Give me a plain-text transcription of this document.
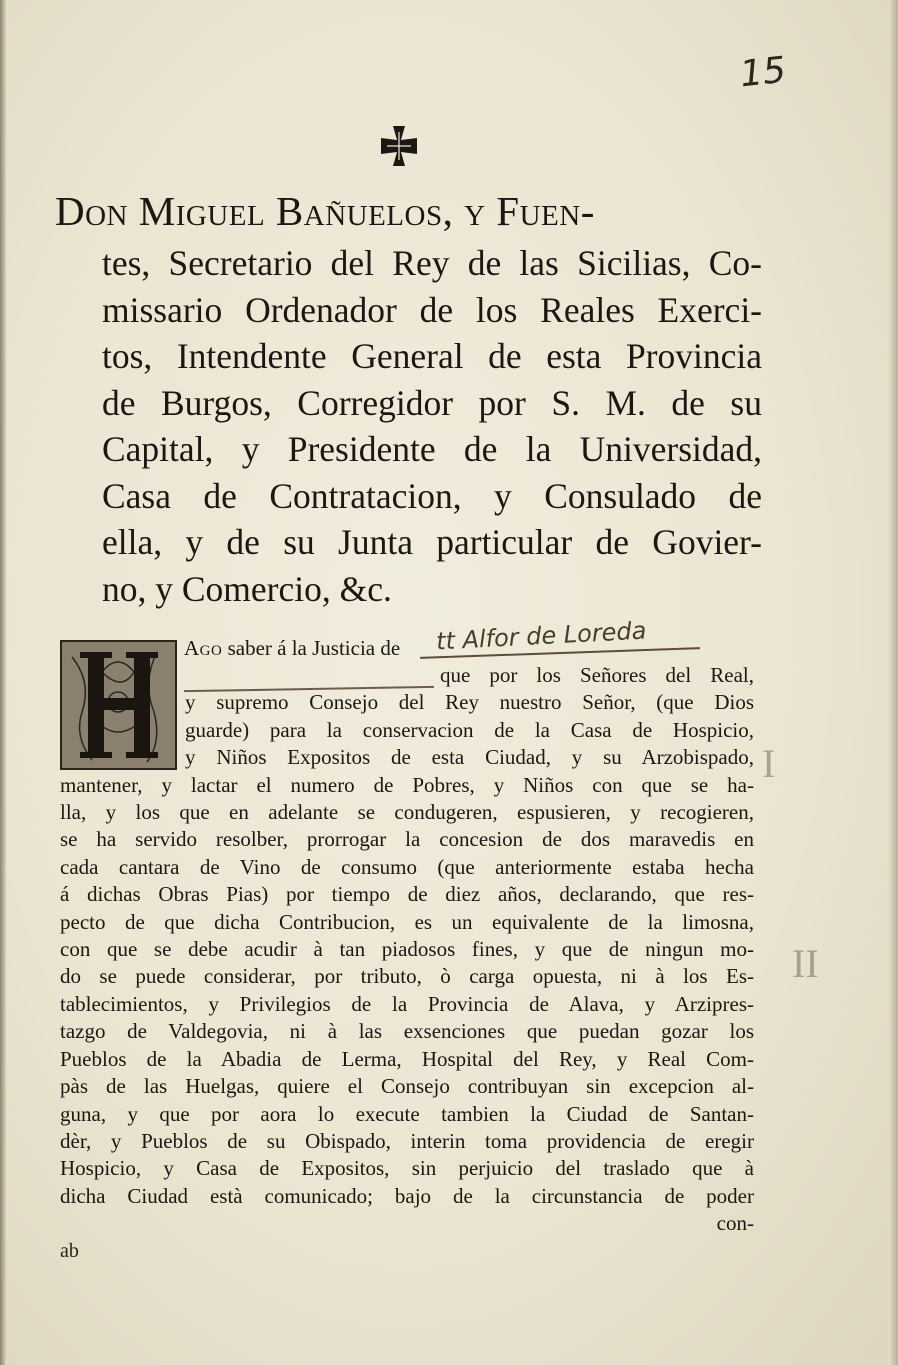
I
II
15
Don Miguel Bañuelos, y Fuen-
tes, Secretario del Rey de las Sicilias, Co-
missario Ordenador de los Reales Exerci-
tos, Intendente General de esta Provincia
de Burgos, Corregidor por S. M. de su
Capital, y Presidente de la Universidad,
Casa de Contratacion, y Consulado de
ella, y de su Junta particular de Govier-
no, y Comercio, &c.
Ago saber á la Justicia de tt Alfor de Loreda
que por los Señores del Real,
y supremo Consejo del Rey nuestro Señor, (que Dios
guarde) para la conservacion de la Casa de Hospicio,
y Niños Expositos de esta Ciudad, y su Arzobispado,
mantener, y lactar el numero de Pobres, y Niños con que se ha-
lla, y los que en adelante se condugeren, espusieren, y recogieren,
se ha servido resolber, prorrogar la concesion de dos maravedis en
cada cantara de Vino de consumo (que anteriormente estaba hecha
á dichas Obras Pias) por tiempo de diez años, declarando, que res-
pecto de que dicha Contribucion, es un equivalente de la limosna,
con que se debe acudir à tan piadosos fines, y que de ningun mo-
do se puede considerar, por tributo, ò carga opuesta, ni à los Es-
tablecimientos, y Privilegios de la Provincia de Alava, y Arzipres-
tazgo de Valdegovia, ni à las exsenciones que puedan gozar los
Pueblos de la Abadia de Lerma, Hospital del Rey, y Real Com-
pàs de las Huelgas, quiere el Consejo contribuyan sin excepcion al-
guna, y que por aora lo execute tambien la Ciudad de Santan-
dèr, y Pueblos de su Obispado, interin toma providencia de eregir
Hospicio, y Casa de Expositos, sin perjuicio del traslado que à
dicha Ciudad està comunicado; bajo de la circunstancia de poder
con-
ab
